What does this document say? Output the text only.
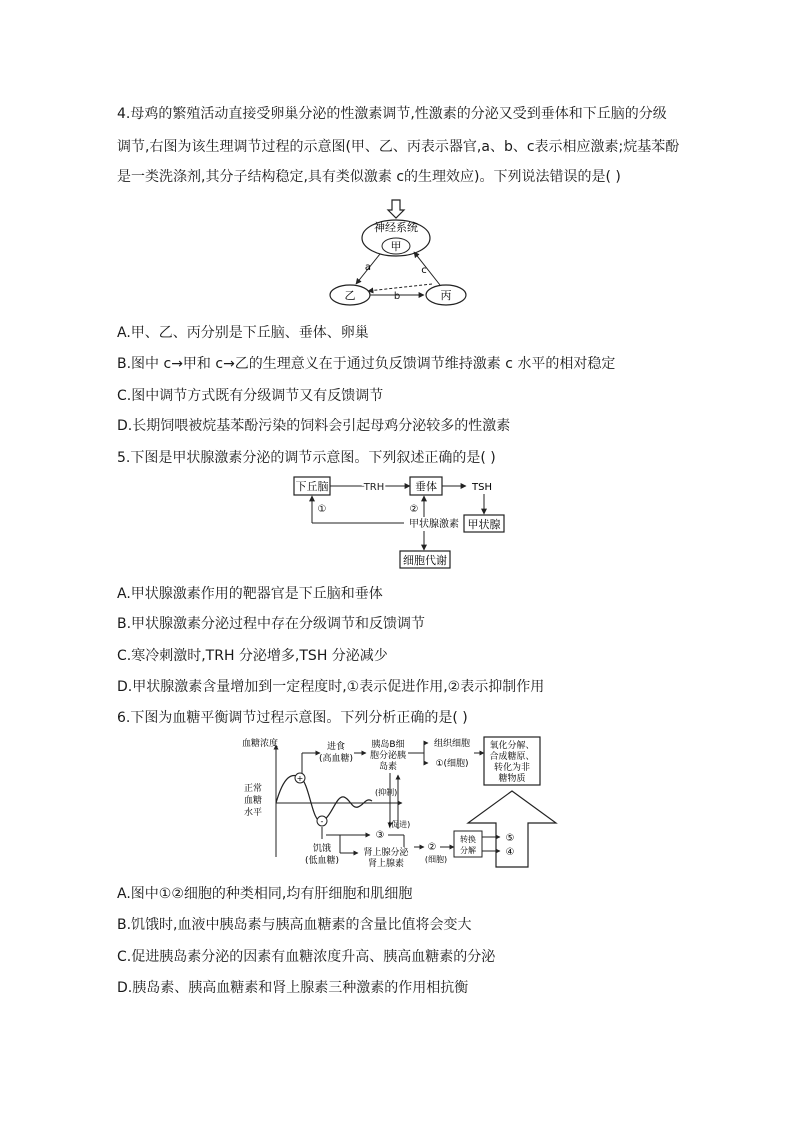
4.母鸡的繁殖活动直接受卵巢分泌的性激素调节,性激素的分泌又受到垂体和下丘脑的分级
调节,右图为该生理调节过程的示意图(甲、乙、丙表示器官,a、b、c表示相应激素;烷基苯酚
是一类洗涤剂,其分子结构稳定,具有类似激素 c的生理效应)。下列说法错误的是( )
神经系统
甲
乙	丙
a
b
c
A.甲、乙、丙分别是下丘脑、垂体、卵巢
B.图中 c→甲和 c→乙的生理意义在于通过负反馈调节维持激素 c 水平的相对稳定
C.图中调节方式既有分级调节又有反馈调节
D.长期饲喂被烷基苯酚污染的饲料会引起母鸡分泌较多的性激素
5.下图是甲状腺激素分泌的调节示意图。下列叙述正确的是( )
下丘脑	TRH	垂体	TSH
甲状腺
甲状腺激素
①	②
细胞代谢
A.甲状腺激素作用的靶器官是下丘脑和垂体
B.甲状腺激素分泌过程中存在分级调节和反馈调节
C.寒冷刺激时,TRH 分泌增多,TSH 分泌减少
D.甲状腺激素含量增加到一定程度时,①表示促进作用,②表示抑制作用
6.下图为血糖平衡调节过程示意图。下列分析正确的是( )
血糖浓度
正常
血糖
水平
+
-
进食
(高血糖)
胰岛B细
胞分泌胰
岛素
组织细胞
①(细胞)
(抑制)
(促进)
氧化分解、
合成糖原、
转化为非
糖物质
饥饿
(低血糖)
③
肾上腺分泌
肾上腺素
②
(细胞)
转换
分解
⑤
④
A.图中①②细胞的种类相同,均有肝细胞和肌细胞
B.饥饿时,血液中胰岛素与胰高血糖素的含量比值将会变大
C.促进胰岛素分泌的因素有血糖浓度升高、胰高血糖素的分泌
D.胰岛素、胰高血糖素和肾上腺素三种激素的作用相抗衡
